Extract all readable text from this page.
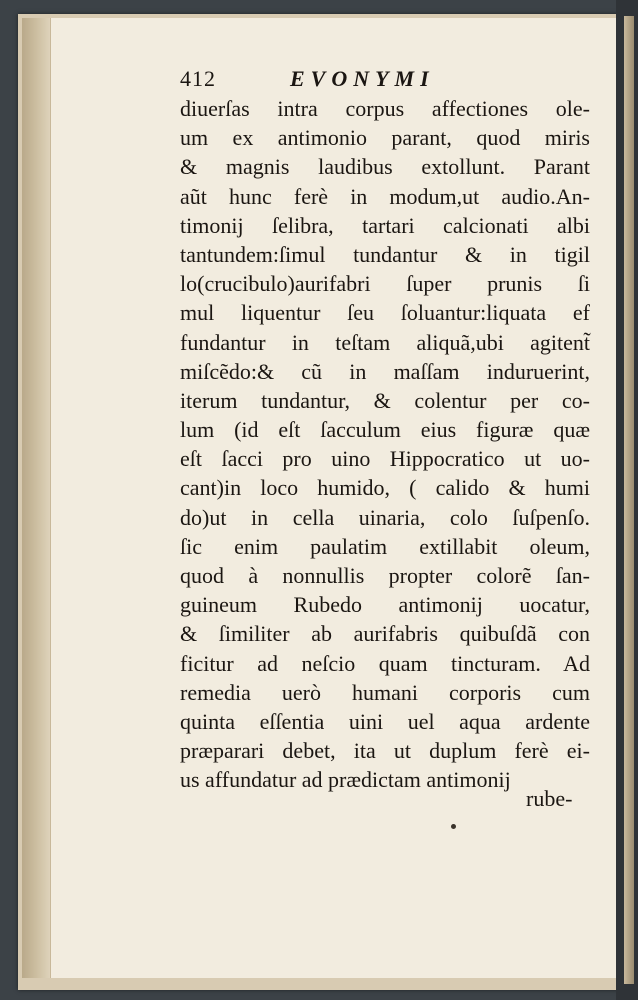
412	EVONYMI
diuerſas intra corpus affectiones ole-
um ex antimonio parant, quod miris
& magnis laudibus extollunt. Parant
aũt hunc ferè in modum,ut audio.An-
timonij ſelibra, tartari calcionati albi
tantundem:ſimul tundantur & in tigil
lo(crucibulo)aurifabri ſuper prunis ſi
mul liquentur ſeu ſoluantur:liquata ef
fundantur in teſtam aliquã,ubi agitent̃
miſcẽdo:& cũ in maſſam induruerint,
iterum tundantur, & colentur per co-
lum (id eſt ſacculum eius figuræ quæ
eſt ſacci pro uino Hippocratico ut uo-
cant)in loco humido, ( calido & humi
do)ut in cella uinaria, colo ſuſpenſo.
ſic enim paulatim extillabit oleum,
quod à nonnullis propter colorẽ ſan-
guineum Rubedo antimonij uocatur,
& ſimiliter ab aurifabris quibuſdã con
ficitur ad neſcio quam tincturam. Ad
remedia uerò humani corporis cum
quinta eſſentia uini uel aqua ardente
præparari debet, ita ut duplum ferè ei-
us affundatur ad prædictam antimonij
rube-
